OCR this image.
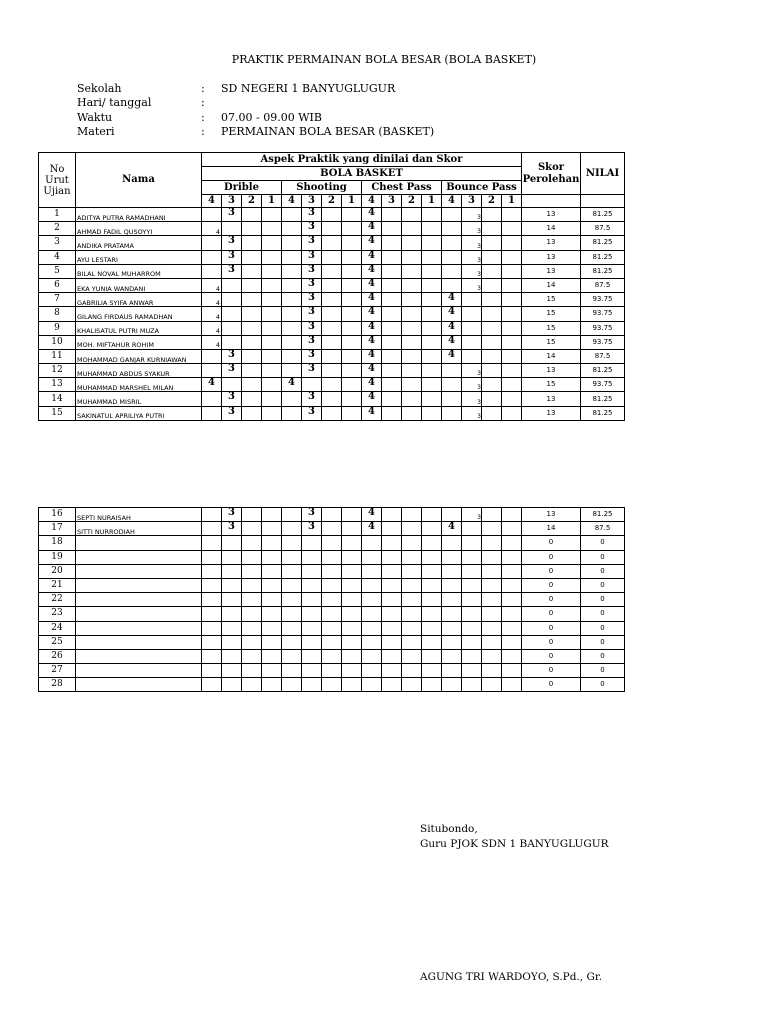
PRAKTIK PERMAINAN BOLA BESAR (BOLA BASKET)
Sekolah	: SD NEGERI 1 BANYUGLUGUR
Hari/ tanggal	:
Waktu	: 07.00 - 09.00 WIB
Materi	: PERMAINAN BOLA BESAR (BASKET)
No Urut Ujian	Nama	Aspek Praktik yang dinilai dan Skor																Skor Perolehan	NILAI
		BOLA BASKET																	
		Drible				Shooting				Chest Pass				Bounce Pass					
		4	3	2	1	4	3	2	1	4	3	2	1	4	3	2	1		
1	ADITYA PUTRA RAMADHANI		3				3			4					3			13	81.25
2	AHMAD FADIL QUSOYYI	4					3			4					3			14	87.5
3	ANDIKA PRATAMA		3				3			4					3			13	81.25
4	AYU LESTARI		3				3			4					3			13	81.25
5	BILAL NOVAL MUHARROM		3				3			4					3			13	81.25
6	EKA YUNIA WANDANI	4					3			4					3			14	87.5
7	GABRILIA SYIFA ANWAR	4					3			4				4				15	93.75
8	GILANG FIRDAUS RAMADHAN	4					3			4				4				15	93.75
9	KHALISATUL PUTRI MUZA	4					3			4				4				15	93.75
10	MOH. MIFTAHUR ROHIM	4					3			4				4				15	93.75
11	MOHAMMAD GANJAR KURNIAWAN		3				3			4				4				14	87.5
12	MUHAMMAD ABDUS SYAKUR		3				3			4					3			13	81.25
13	MUHAMMAD MARSHEL MILAN	4				4				4					3			15	93.75
14	MUHAMMAD MISRIL		3				3			4					3			13	81.25
15	SAKINATUL APRILIYA PUTRI		3				3			4					3			13	81.25
16	SEPTI NURAISAH		3				3			4					3			13	81.25
17	SITTI NURRODIAH		3				3			4				4				14	87.5
18																		0	0
19																		0	0
20																		0	0
21																		0	0
22																		0	0
23																		0	0
24																		0	0
25																		0	0
26																		0	0
27																		0	0
28																		0	0
Situbondo,
Guru PJOK SDN 1 BANYUGLUGUR
AGUNG TRI WARDOYO, S.Pd., Gr.
